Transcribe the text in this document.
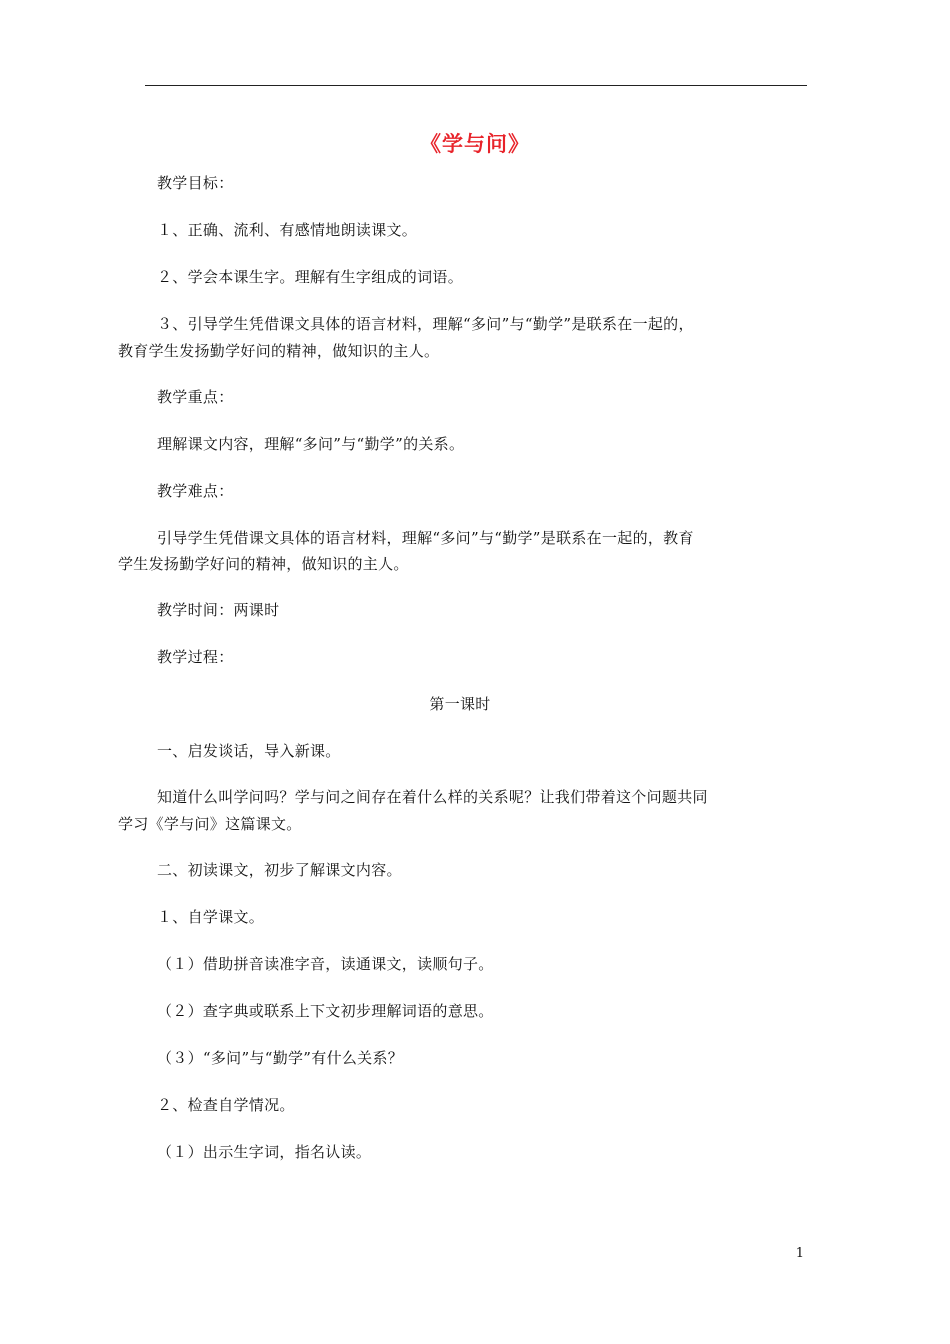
《学与问》
教学目标：
１、正确、流利、有感情地朗读课文。
２、学会本课生字。理解有生字组成的词语。
３、引导学生凭借课文具体的语言材料，理解“多问”与“勤学”是联系在一起的，
教育学生发扬勤学好问的精神，做知识的主人。
教学重点：
理解课文内容，理解“多问”与“勤学”的关系。
教学难点：
引导学生凭借课文具体的语言材料，理解“多问”与“勤学”是联系在一起的，教育
学生发扬勤学好问的精神，做知识的主人。
教学时间：两课时
教学过程：
第一课时
一、启发谈话，导入新课。
知道什么叫学问吗？学与问之间存在着什么样的关系呢？让我们带着这个问题共同
学习《学与问》这篇课文。
二、初读课文，初步了解课文内容。
１、自学课文。
（１）借助拼音读准字音，读通课文，读顺句子。
（２）查字典或联系上下文初步理解词语的意思。
（３）“多问”与“勤学”有什么关系？
２、检查自学情况。
（１）出示生字词，指名认读。
1
